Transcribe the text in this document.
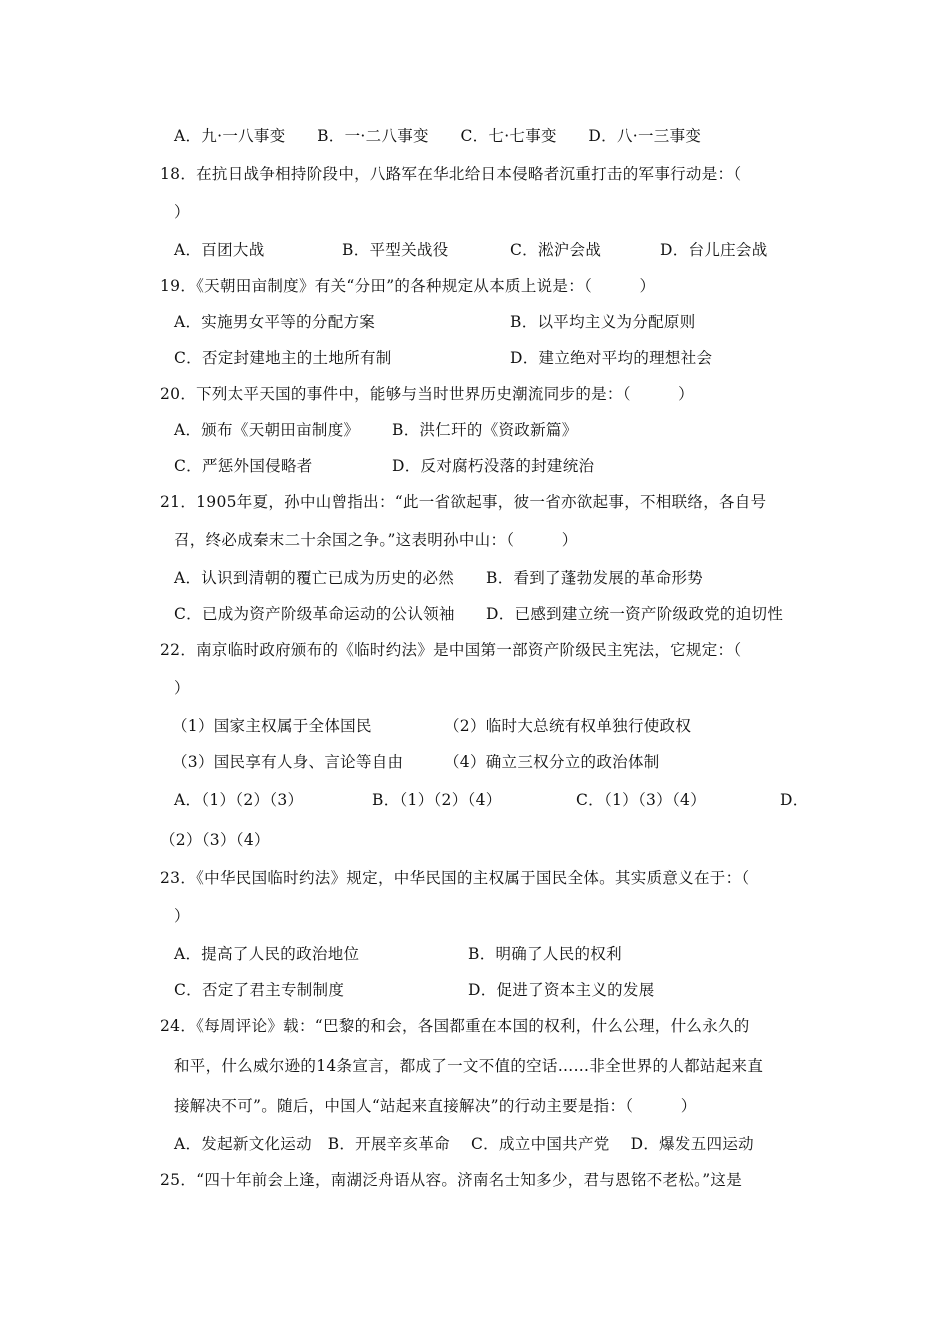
A．九·一八事变　　B．一·二八事变　　C．七·七事变　　D．八·一三事变
18．在抗日战争相持阶段中，八路军在华北给日本侵略者沉重打击的军事行动是：（
）
A．百团大战	B．平型关战役	C．淞沪会战	D．台儿庄会战
19．《天朝田亩制度》有关“分田”的各种规定从本质上说是：（　　　）
A．实施男女平等的分配方案	B．以平均主义为分配原则
C．否定封建地主的土地所有制	D．建立绝对平均的理想社会
20．下列太平天国的事件中，能够与当时世界历史潮流同步的是：（　　　）
A．颁布《天朝田亩制度》 B．洪仁玕的《资政新篇》
C．严惩外国侵略者	D．反对腐朽没落的封建统治
21．1905年夏，孙中山曾指出：“此一省欲起事，彼一省亦欲起事，不相联络，各自号
召，终必成秦末二十余国之争。”这表明孙中山：（　　　）
A．认识到清朝的覆亡已成为历史的必然 B．看到了蓬勃发展的革命形势
C．已成为资产阶级革命运动的公认领袖 D．已感到建立统一资产阶级政党的迫切性
22．南京临时政府颁布的《临时约法》是中国第一部资产阶级民主宪法，它规定：（
）
（1）国家主权属于全体国民	（2）临时大总统有权单独行使政权
（3）国民享有人身、言论等自由	（4）确立三权分立的政治体制
A．（1）（2）（3）	B．（1）（2）（4）	C．（1）（3）（4）	D．
（2）（3）（4）
23．《中华民国临时约法》规定，中华民国的主权属于国民全体。其实质意义在于：（
）
A．提高了人民的政治地位	B．明确了人民的权利
C．否定了君主专制制度	D．促进了资本主义的发展
24．《每周评论》载：“巴黎的和会，各国都重在本国的权利，什么公理，什么永久的
和平，什么威尔逊的14条宣言，都成了一文不值的空话……非全世界的人都站起来直
接解决不可”。随后，中国人“站起来直接解决”的行动主要是指：（　　　）
A．发起新文化运动　B．开展辛亥革命　 C．成立中国共产党　 D．爆发五四运动
25．“四十年前会上逢，南湖泛舟语从容。济南名士知多少，君与恩铭不老松。”这是
